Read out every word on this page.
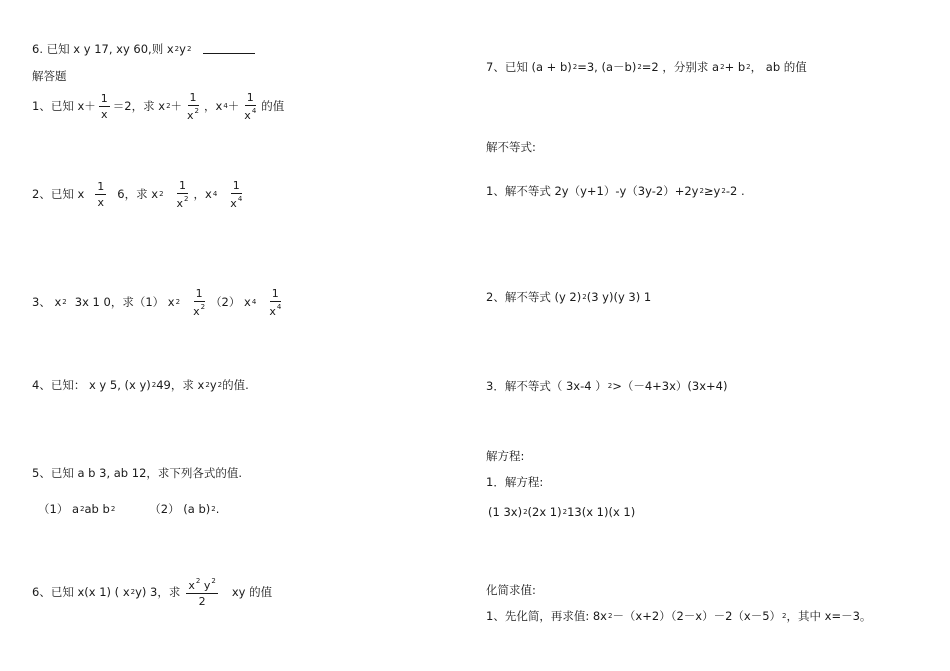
6. 已知 x y 17, xy 60,则 x 2 y 2
解答题
1、已知 $x+ \frac{1}{x} =2$，求 x $2 + \frac{1}{x^2}$ ，x $4 + \frac{1}{x^4}$ 的值
2、已知 x $\frac{1}{x} 6$，求 x $2 \frac{1}{x^2}$ ，x $4 \frac{1}{x^4}$
3、 x 2 3x 1 0，求（1） x $2 \frac{1}{x^2} (2)$ x $4 \frac{1}{x^4}$
4、已知： x y 5, (x y) 2 49，求 x 2 y 2 的值.
5、已知 a b 3, ab 12，求下列各式的值.
（1） a 2 ab b 2	（2） (a b) 2 .
6、已知 x(x 1) ( x 2 y) 3，求 $\frac{x^2 y^2}{2}$ xy 的值
7、已知 (a + b) 2 =3, (a－b) 2 =2 ，分别求 a 2 + b 2 ， ab 的值
解不等式:
1、解不等式 2y（y+1）-y（3y-2）+2y 2 ≥y 2 -2 .
2、解不等式 (y 2) 2 (3 y)(y 3) 1
3．解不等式（ 3x-4 ） 2 >（－4+3x）(3x+4)
解方程:
1．解方程:
(1 3x) 2 (2x 1) 2 13(x 1)(x 1)
化简求值:
1、先化简，再求值: 8x 2 －（x+2）（2－x）－2（x－5） 2 ，其中 x=－3。
